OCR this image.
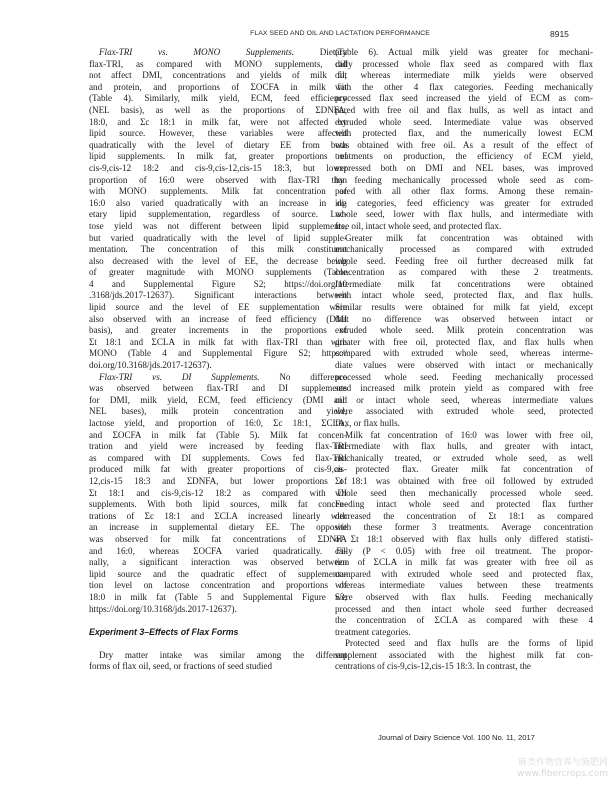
FLAX SEED AND OIL AND LACTATION PERFORMANCE	8915
Flax-TRI vs. MONO Supplements. Dietary
flax-TRI, as compared with MONO supplements, did
not affect DMI, concentrations and yields of milk fat
and protein, and proportions of ΣOCFA in milk fat
(Table 4). Similarly, milk yield, ECM, feed efficiency
(NEL basis), as well as the proportions of ΣDNFA,
18:0, and Σc 18:1 in milk fat, were not affected by
lipid source. However, these variables were affected
quadratically with the level of dietary EE from both
lipid supplements. In milk fat, greater proportions of
cis-9,cis-12 18:2 and cis-9,cis-12,cis-15 18:3, but lower
proportion of 16:0 were observed with flax-TRI than
with MONO supplements. Milk fat concentration of
16:0 also varied quadratically with an increase in di-
etary lipid supplementation, regardless of source. Lac-
tose yield was not different between lipid supplements,
but varied quadratically with the level of lipid supple-
mentation. The concentration of this milk constituent
also decreased with the level of EE, the decrease being
of greater magnitude with MONO supplements (Table
4 and Supplemental Figure S2; https://doi.org/10
.3168/jds.2017-12637). Significant interactions between
lipid source and the level of EE supplementation were
also observed with an increase of feed efficiency (DMI
basis), and greater increments in the proportions of
Σt 18:1 and ΣCLA in milk fat with flax-TRI than with
MONO (Table 4 and Supplemental Figure S2; https://
doi.org/10.3168/jds.2017-12637).
Flax-TRI vs. DI Supplements. No difference
was observed between flax-TRI and DI supplements
for DMI, milk yield, ECM, feed efficiency (DMI and
NEL bases), milk protein concentration and yield,
lactose yield, and proportion of 16:0, Σc 18:1, ΣCLA,
and ΣOCFA in milk fat (Table 5). Milk fat concen-
tration and yield were increased by feeding flax-TRI
as compared with DI supplements. Cows fed flax-TRI
produced milk fat with greater proportions of cis-9,cis-
12,cis-15 18:3 and ΣDNFA, but lower proportions of
Σt 18:1 and cis-9,cis-12 18:2 as compared with DI
supplements. With both lipid sources, milk fat concen-
trations of Σc 18:1 and ΣCLA increased linearly with
an increase in supplemental dietary EE. The opposite
was observed for milk fat concentrations of ΣDNFA
and 16:0, whereas ΣOCFA varied quadratically. Fi-
nally, a significant interaction was observed between
lipid source and the quadratic effect of supplementa-
tion level on lactose concentration and proportions of
18:0 in milk fat (Table 5 and Supplemental Figure S3;
https://doi.org/10.3168/jds.2017-12637).
Experiment 3–Effects of Flax Forms
Dry matter intake was similar among the different
forms of flax oil, seed, or fractions of seed studied
(Table 6). Actual milk yield was greater for mechani-
cally processed whole flax seed as compared with flax
oil, whereas intermediate milk yields were observed
with the other 4 flax categories. Feeding mechanically
processed flax seed increased the yield of ECM as com-
pared with free oil and flax hulls, as well as intact and
extruded whole seed. Intermediate value was observed
with protected flax, and the numerically lowest ECM
was obtained with free oil. As a result of the effect of
treatments on production, the efficiency of ECM yield,
expressed both on DMI and NEL bases, was improved
by feeding mechanically processed whole seed as com-
pared with all other flax forms. Among these remain-
ing categories, feed efficiency was greater for extruded
whole seed, lower with flax hulls, and intermediate with
free oil, intact whole seed, and protected flax.
Greater milk fat concentration was obtained with
mechanically processed as compared with extruded
whole seed. Feeding free oil further decreased milk fat
concentration as compared with these 2 treatments.
Intermediate milk fat concentrations were obtained
with intact whole seed, protected flax, and flax hulls.
Similar results were obtained for milk fat yield, except
that no difference was observed between intact or
extruded whole seed. Milk protein concentration was
greater with free oil, protected flax, and flax hulls when
compared with extruded whole seed, whereas interme-
diate values were observed with intact or mechanically
processed whole seed. Feeding mechanically processed
seed increased milk protein yield as compared with free
oil or intact whole seed, whereas intermediate values
were associated with extruded whole seed, protected
flax, or flax hulls.
Milk fat concentration of 16:0 was lower with free oil,
intermediate with flax hulls, and greater with intact,
mechanically treated, or extruded whole seed, as well
as protected flax. Greater milk fat concentration of
Σt 18:1 was obtained with free oil followed by extruded
whole seed then mechanically processed whole seed.
Feeding intact whole seed and protected flax further
decreased the concentration of Σt 18:1 as compared
with these former 3 treatments. Average concentration
of Σt 18:1 observed with flax hulls only differed statisti-
cally (P < 0.05) with free oil treatment. The propor-
tion of ΣCLA in milk fat was greater with free oil as
compared with extruded whole seed and protected flax,
whereas intermediate values between these treatments
were observed with flax hulls. Feeding mechanically
processed and then intact whole seed further decreased
the concentration of ΣCLA as compared with these 4
treatment categories.
Protected seed and flax hulls are the forms of lipid
supplement associated with the highest milk fat con-
centrations of cis-9,cis-12,cis-15 18:3. In contrast, the
Journal of Dairy Science Vol. 100 No. 11, 2017
麻类作物营养与施肥网
www.fibercrops.com
